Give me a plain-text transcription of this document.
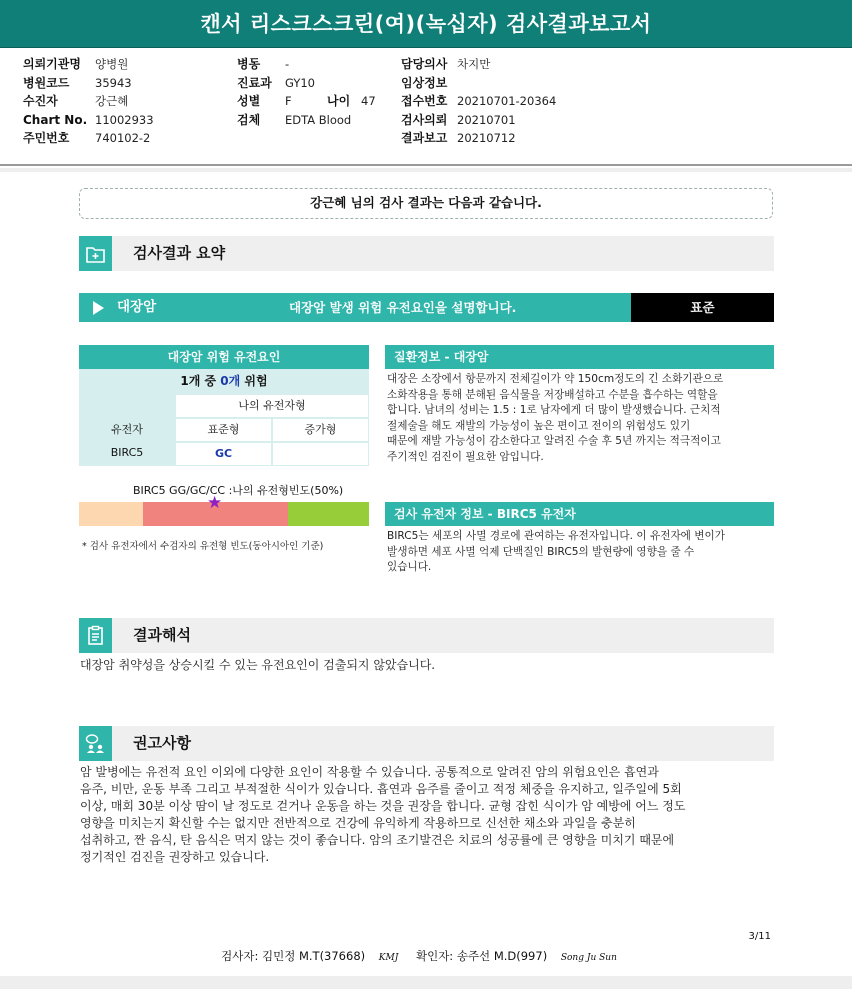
캔서 리스크스크린(여)(녹십자) 검사결과보고서
의뢰기관명 양병원
병원코드 35943
수진자	강근혜
Chart No. 11002933
주민번호 740102-2
병동 -
진료과 GY10
성별 F	나이 47
검체 EDTA Blood
담당의사 차지만
임상정보
접수번호 20210701-20364
검사의뢰 20210701
결과보고 20210712
강근혜 님의 검사 결과는 다음과 같습니다.
검사결과 요약
대장암	대장암 발생 위험 유전요인을 설명합니다.	표준
대장암 위험 유전요인
1개 중 0개 위험
나의 유전자형
유전자	표준형	증가형
BIRC5	GC
BIRC5 GG/GC/CC :나의 유전형빈도(50%)
★
* 검사 유전자에서 수검자의 유전형 빈도(동아시아인 기준)
질환정보 - 대장암
대장은 소장에서 항문까지 전체길이가 약 150cm정도의 긴 소화기관으로
소화작용을 통해 분해된 음식물을 저장배설하고 수분을 흡수하는 역할을
합니다. 남녀의 성비는 1.5 : 1로 남자에게 더 많이 발생했습니다. 근치적
절제술을 해도 재발의 가능성이 높은 편이고 전이의 위험성도 있기
때문에 재발 가능성이 감소한다고 알려진 수술 후 5년 까지는 적극적이고
주기적인 검진이 필요한 암입니다.
검사 유전자 정보 - BIRC5 유전자
BIRC5는 세포의 사멸 경로에 관여하는 유전자입니다. 이 유전자에 변이가
발생하면 세포 사멸 억제 단백질인 BIRC5의 발현량에 영향을 줄 수
있습니다.
결과해석
대장암 취약성을 상승시킬 수 있는 유전요인이 검출되지 않았습니다.
권고사항
암 발병에는 유전적 요인 이외에 다양한 요인이 작용할 수 있습니다. 공통적으로 알려진 암의 위험요인은 흡연과
음주, 비만, 운동 부족 그리고 부적절한 식이가 있습니다. 흡연과 음주를 줄이고 적정 체중을 유지하고, 일주일에 5회
이상, 매회 30분 이상 땀이 날 정도로 걷거나 운동을 하는 것을 권장을 합니다. 균형 잡힌 식이가 암 예방에 어느 정도
영향을 미치는지 확신할 수는 없지만 전반적으로 건강에 유익하게 작용하므로 신선한 채소와 과일을 충분히
섭취하고, 짠 음식, 탄 음식은 먹지 않는 것이 좋습니다. 암의 조기발견은 치료의 성공률에 큰 영향을 미치기 때문에
정기적인 검진을 권장하고 있습니다.
3/11
검사자: 김민정 M.T(37668) KMJ 확인자: 송주선 M.D(997) Song Ju Sun
